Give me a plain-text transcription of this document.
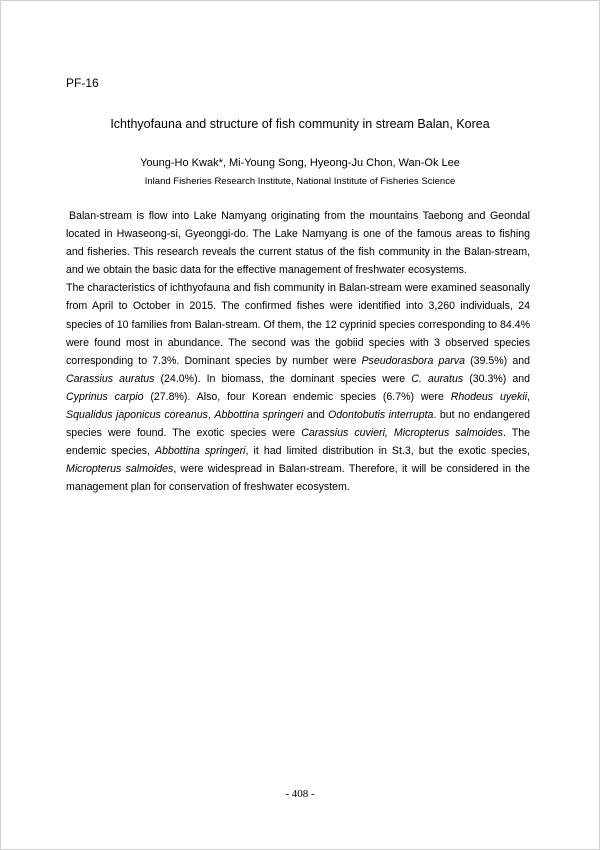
PF-16
Ichthyofauna and structure of fish community in stream Balan, Korea
Young-Ho Kwak*, Mi-Young Song, Hyeong-Ju Chon, Wan-Ok Lee
Inland Fisheries Research Institute, National Institute of Fisheries Science

Balan-stream is flow into Lake Namyang originating from the mountains Taebong and Geondal located in Hwaseong-si, Gyeonggi-do. The Lake Namyang is one of the famous areas to fishing and fisheries. This research reveals the current status of the fish community in the Balan-stream, and we obtain the basic data for the effective management of freshwater ecosystems.

The characteristics of ichthyofauna and fish community in Balan-stream were examined seasonally from April to October in 2015. The confirmed fishes were identified into 3,260 individuals, 24 species of 10 families from Balan-stream. Of them, the 12 cyprinid species corresponding to 84.4% were found most in abundance. The second was the gobiid species with 3 observed species corresponding to 7.3%. Dominant species by number were Pseudorasbora parva (39.5%) and Carassius auratus (24.0%). In biomass, the dominant species were C. auratus (30.3%) and Cyprinus carpio (27.8%). Also, four Korean endemic species (6.7%) were Rhodeus uyekii, Squalidus japonicus coreanus, Abbottina springeri and Odontobutis interrupta. but no endangered species were found. The exotic species were Carassius cuvieri, Micropterus salmoides. The endemic species, Abbottina springeri, it had limited distribution in St.3, but the exotic species, Micropterus salmoides, were widespread in Balan-stream. Therefore, it will be considered in the management plan for conservation of freshwater ecosystem.

- 408 -
